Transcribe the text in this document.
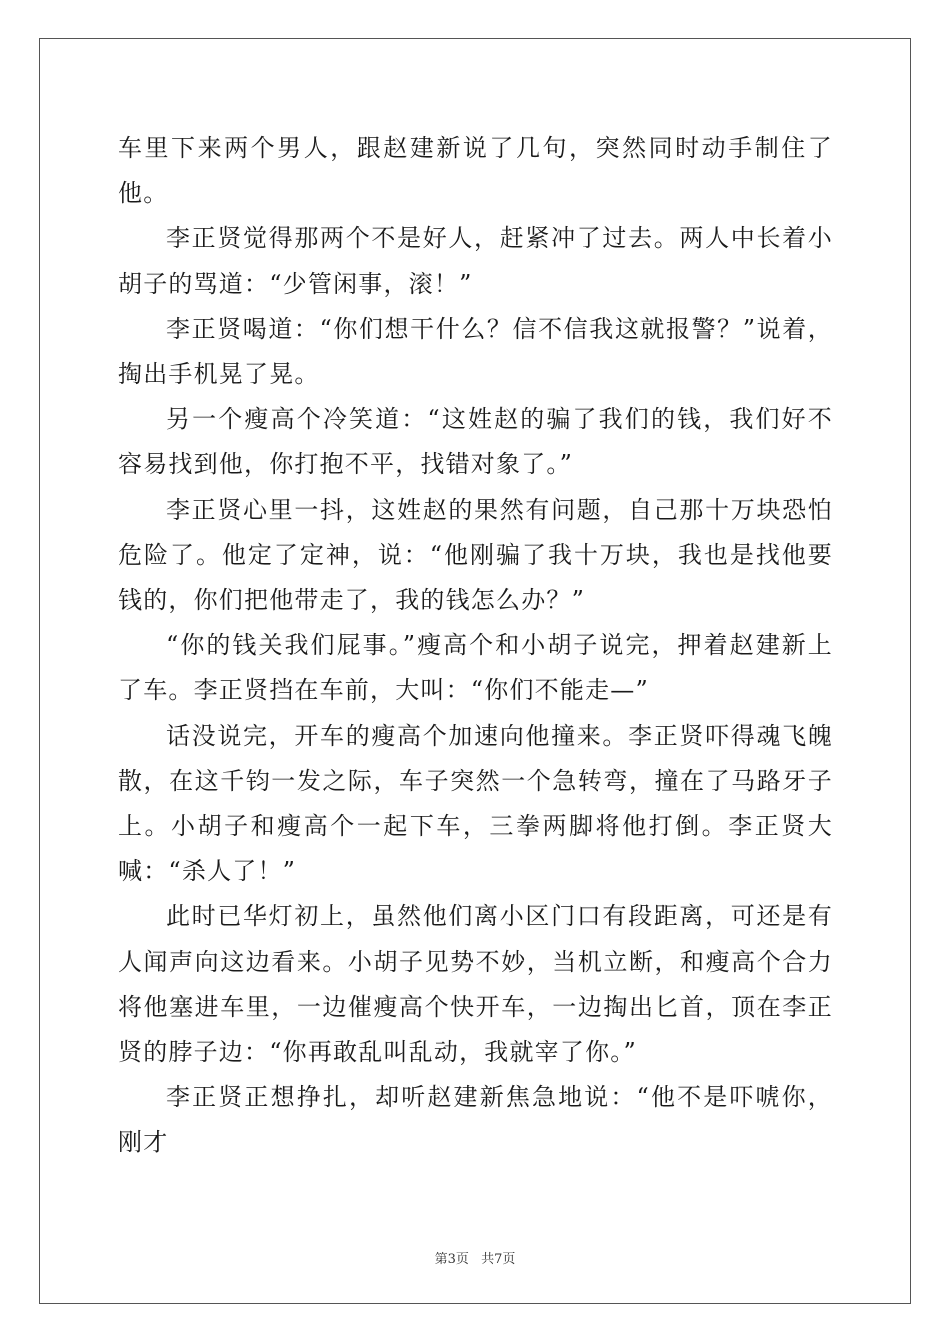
车里下来两个男人，跟赵建新说了几句，突然同时动手制住了他。

李正贤觉得那两个不是好人，赶紧冲了过去。两人中长着小胡子的骂道：“少管闲事，滚！”

李正贤喝道：“你们想干什么？信不信我这就报警？”说着，掏出手机晃了晃。

另一个瘦高个冷笑道：“这姓赵的骗了我们的钱，我们好不容易找到他，你打抱不平，找错对象了。”

李正贤心里一抖，这姓赵的果然有问题，自己那十万块恐怕危险了。他定了定神，说：“他刚骗了我十万块，我也是找他要钱的，你们把他带走了，我的钱怎么办？”

“你的钱关我们屁事。”瘦高个和小胡子说完，押着赵建新上了车。李正贤挡在车前，大叫：“你们不能走—”

话没说完，开车的瘦高个加速向他撞来。李正贤吓得魂飞魄散，在这千钧一发之际，车子突然一个急转弯，撞在了马路牙子上。小胡子和瘦高个一起下车，三拳两脚将他打倒。李正贤大喊：“杀人了！”

此时已华灯初上，虽然他们离小区门口有段距离，可还是有人闻声向这边看来。小胡子见势不妙，当机立断，和瘦高个合力将他塞进车里，一边催瘦高个快开车，一边掏出匕首，顶在李正贤的脖子边：“你再敢乱叫乱动，我就宰了你。”

李正贤正想挣扎，却听赵建新焦急地说：“他不是吓唬你，刚才

第3页 共7页
